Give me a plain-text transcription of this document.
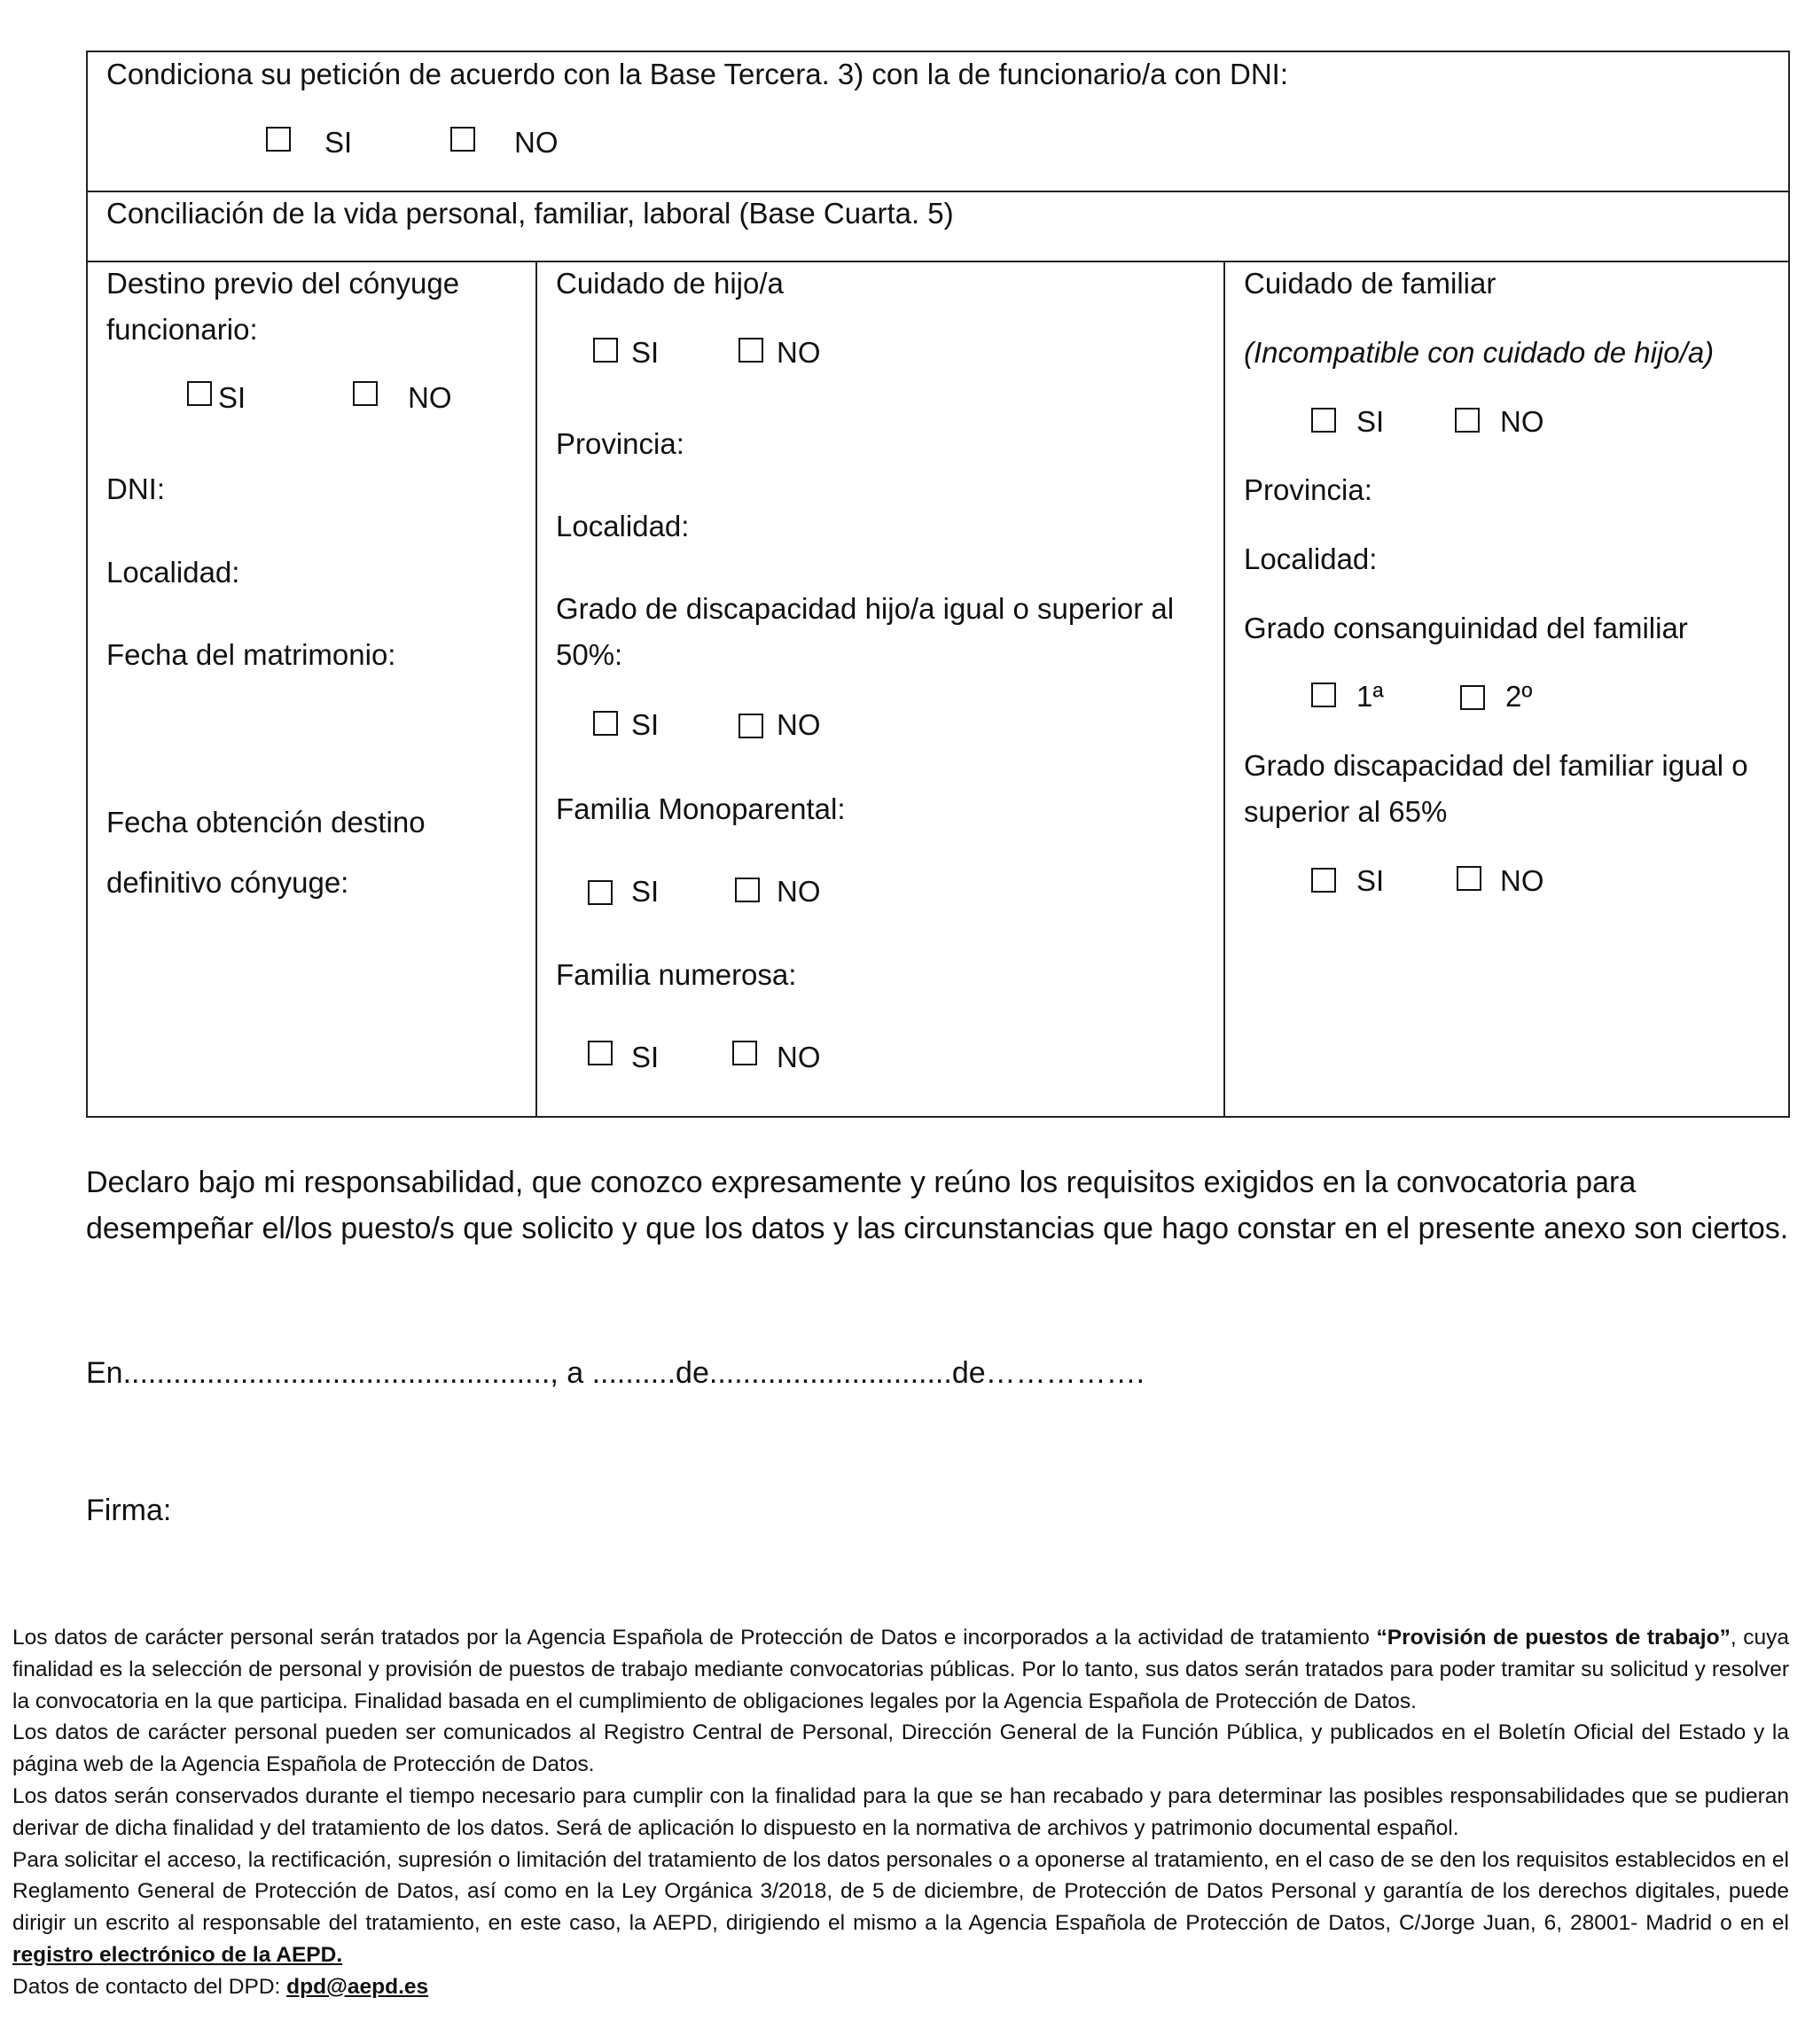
Condiciona su petición de acuerdo con la Base Tercera. 3) con la de funcionario/a con DNI:
SI	NO
Conciliación de la vida personal, familiar, laboral (Base Cuarta. 5)
Destino previo del cónyuge funcionario:
SI	NO
DNI:
Localidad:
Fecha del matrimonio:
Fecha obtención destino
definitivo cónyuge:
Cuidado de hijo/a
SI	NO
Provincia:
Localidad:
Grado de discapacidad hijo/a igual o superior al 50%:
SI	NO
Familia Monoparental:
SI	NO
Familia numerosa:
SI	NO
Cuidado de familiar
(Incompatible con cuidado de hijo/a)
SI	NO
Provincia:
Localidad:
Grado consanguinidad del familiar
1ª	2º
Grado discapacidad del familiar igual o superior al 65%
SI	NO
Declaro bajo mi responsabilidad, que conozco expresamente y reúno los requisitos exigidos en la convocatoria para desempeñar el/los puesto/s que solicito y que los datos y las circunstancias que hago constar en el presente anexo son ciertos.
En..................................................., a ..........de.............................de…………….
Firma:

Los datos de carácter personal serán tratados por la Agencia Española de Protección de Datos e incorporados a la actividad de tratamiento “Provisión de puestos de trabajo”, cuya finalidad es la selección de personal y provisión de puestos de trabajo mediante convocatorias públicas. Por lo tanto, sus datos serán tratados para poder tramitar su solicitud y resolver la convocatoria en la que participa. Finalidad basada en el cumplimiento de obligaciones legales por la Agencia Española de Protección de Datos.

Los datos de carácter personal pueden ser comunicados al Registro Central de Personal, Dirección General de la Función Pública, y publicados en el Boletín Oficial del Estado y la página web de la Agencia Española de Protección de Datos.

Los datos serán conservados durante el tiempo necesario para cumplir con la finalidad para la que se han recabado y para determinar las posibles responsabilidades que se pudieran derivar de dicha finalidad y del tratamiento de los datos. Será de aplicación lo dispuesto en la normativa de archivos y patrimonio documental español.

Para solicitar el acceso, la rectificación, supresión o limitación del tratamiento de los datos personales o a oponerse al tratamiento, en el caso de se den los requisitos establecidos en el Reglamento General de Protección de Datos, así como en la Ley Orgánica 3/2018, de 5 de diciembre, de Protección de Datos Personal y garantía de los derechos digitales, puede dirigir un escrito al responsable del tratamiento, en este caso, la AEPD, dirigiendo el mismo a la Agencia Española de Protección de Datos, C/Jorge Juan, 6, 28001- Madrid o en el registro electrónico de la AEPD.

Datos de contacto del DPD: dpd@aepd.es
